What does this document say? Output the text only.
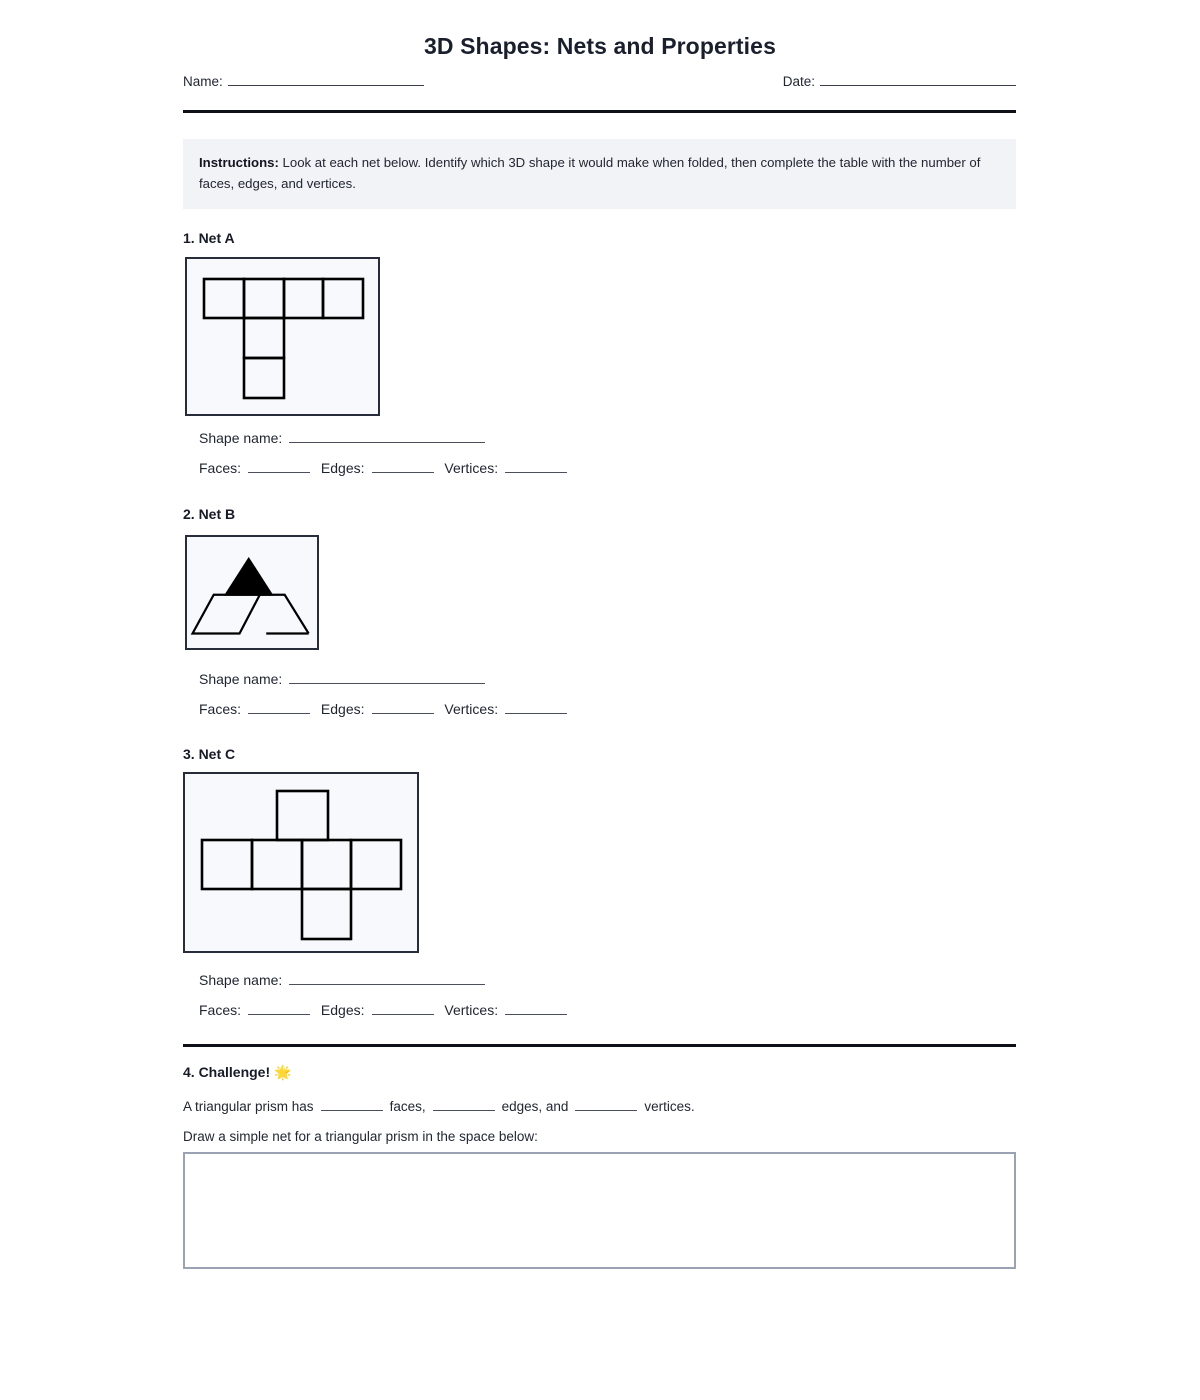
3D Shapes: Nets and Properties
Name:	Date:
Instructions: Look at each net below. Identify which 3D shape it would make when folded, then complete the table with the number of faces, edges, and vertices.
1. Net A
Shape name:
Faces:	Edges:	Vertices:
2. Net B
Shape name:
Faces:	Edges:	Vertices:
3. Net C
Shape name:
Faces:	Edges:	Vertices:
4. Challenge! 🌟
A triangular prism has	faces,	edges, and	vertices.
Draw a simple net for a triangular prism in the space below:
